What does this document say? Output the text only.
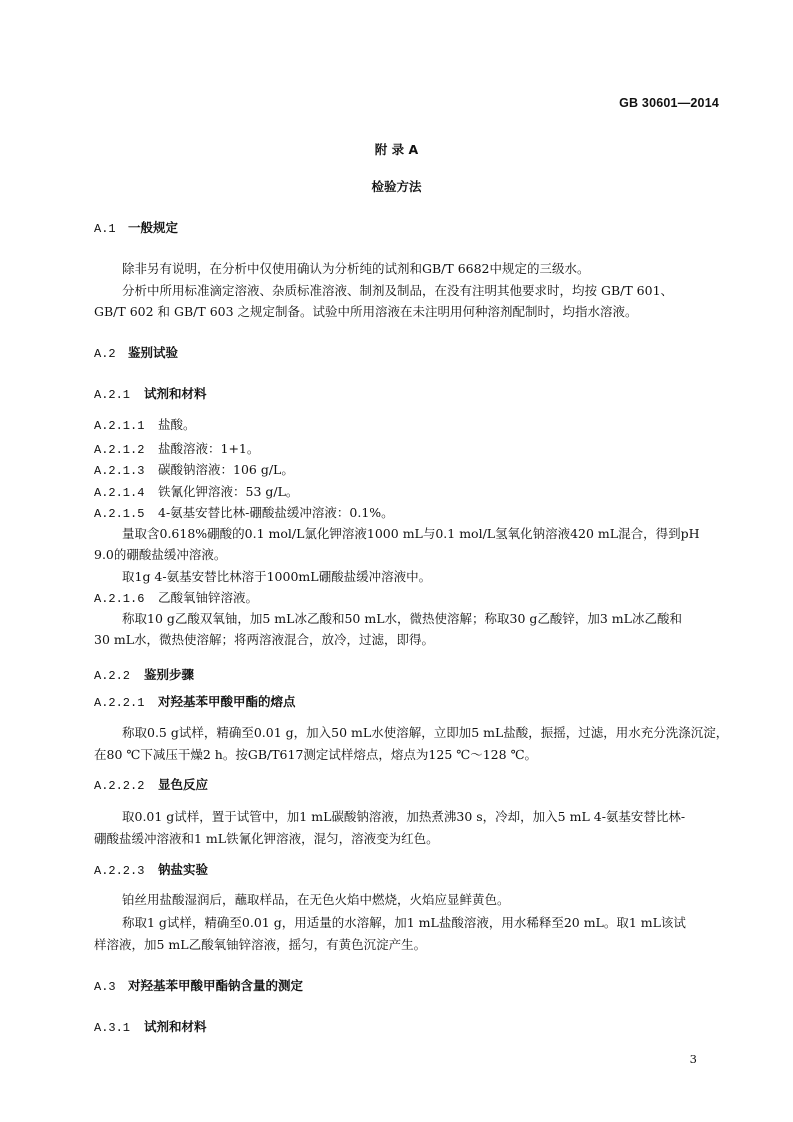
GB 30601—2014
附 录 A
检验方法
A.1 一般规定
除非另有说明，在分析中仅使用确认为分析纯的试剂和GB/T 6682中规定的三级水。
分析中所用标准滴定溶液、杂质标准溶液、制剂及制品，在没有注明其他要求时，均按 GB/T 601、
GB/T 602 和 GB/T 603 之规定制备。试验中所用溶液在未注明用何种溶剂配制时，均指水溶液。
A.2 鉴别试验
A.2.1 试剂和材料
A.2.1.1 盐酸。
A.2.1.2 盐酸溶液：1+1。
A.2.1.3 碳酸钠溶液：106 g/L。
A.2.1.4 铁氰化钾溶液：53 g/L。
A.2.1.5 4-氨基安替比林-硼酸盐缓冲溶液：0.1%。
量取含0.618%硼酸的0.1 mol/L氯化钾溶液1000 mL与0.1 mol/L氢氧化钠溶液420 mL混合，得到pH
9.0的硼酸盐缓冲溶液。
取1g 4-氨基安替比林溶于1000mL硼酸盐缓冲溶液中。
A.2.1.6 乙酸氧铀锌溶液。
称取10 g乙酸双氧铀，加5 mL冰乙酸和50 mL水，微热使溶解；称取30 g乙酸锌，加3 mL冰乙酸和
30 mL水，微热使溶解；将两溶液混合，放冷，过滤，即得。
A.2.2 鉴别步骤
A.2.2.1 对羟基苯甲酸甲酯的熔点
称取0.5 g试样，精确至0.01 g，加入50 mL水使溶解，立即加5 mL盐酸，振摇，过滤，用水充分洗涤沉淀，
在80 ℃下减压干燥2 h。按GB/T617测定试样熔点，熔点为125 ℃～128 ℃。
A.2.2.2 显色反应
取0.01 g试样，置于试管中，加1 mL碳酸钠溶液，加热煮沸30 s，冷却，加入5 mL 4-氨基安替比林-
硼酸盐缓冲溶液和1 mL铁氰化钾溶液，混匀，溶液变为红色。
A.2.2.3 钠盐实验
铂丝用盐酸湿润后，蘸取样品，在无色火焰中燃烧，火焰应显鲜黄色。
称取1 g试样，精确至0.01 g，用适量的水溶解，加1 mL盐酸溶液，用水稀释至20 mL。取1 mL该试
样溶液，加5 mL乙酸氧铀锌溶液，摇匀，有黄色沉淀产生。
A.3 对羟基苯甲酸甲酯钠含量的测定
A.3.1 试剂和材料
3
